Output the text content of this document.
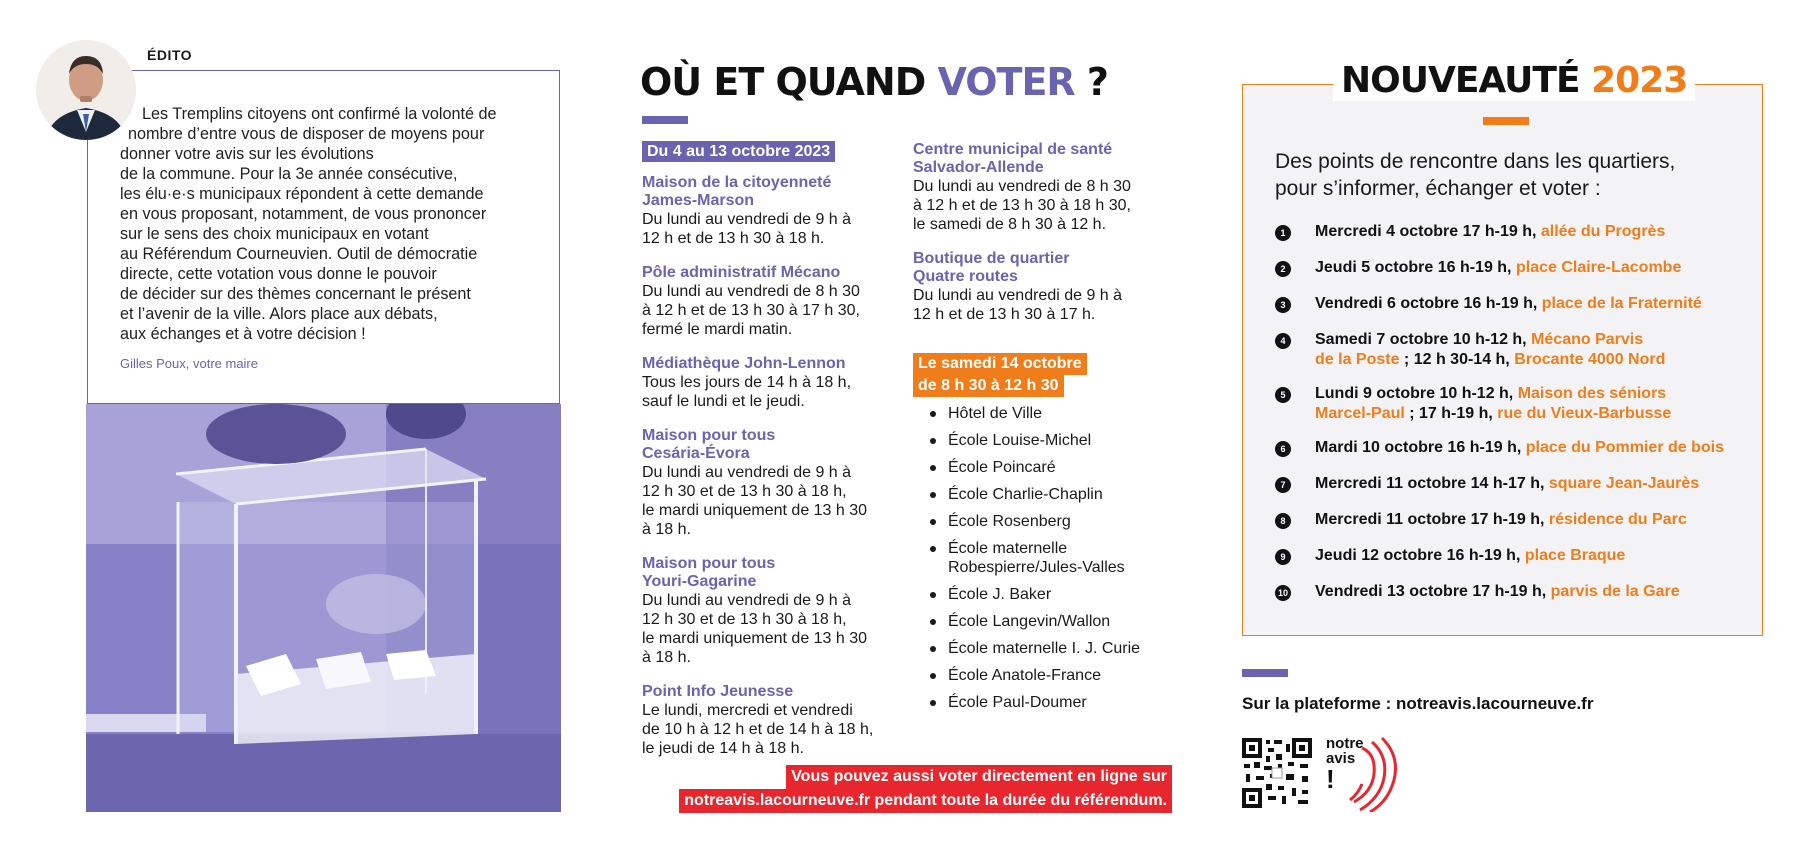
ÉDITO
Les Tremplins citoyens ont confirmé la volonté de
nombre d’entre vous de disposer de moyens pour
donner votre avis sur les évolutions
de la commune. Pour la 3e année consécutive,
les élu·e·s municipaux répondent à cette demande
en vous proposant, notamment, de vous prononcer
sur le sens des choix municipaux en votant
au Référendum Courneuvien. Outil de démocratie
directe, cette votation vous donne le pouvoir
de décider sur des thèmes concernant le présent
et l’avenir de la ville. Alors place aux débats,
aux échanges et à votre décision !
Gilles Poux, votre maire
OÙ ET QUAND VOTER ?
Du 4 au 13 octobre 2023
Maison de la citoyenneté
James-Marson
Du lundi au vendredi de 9 h à
12 h et de 13 h 30 à 18 h.
Pôle administratif Mécano
Du lundi au vendredi de 8 h 30
à 12 h et de 13 h 30 à 17 h 30,
fermé le mardi matin.
Médiathèque John-Lennon
Tous les jours de 14 h à 18 h,
sauf le lundi et le jeudi.
Maison pour tous
Cesária-Évora
Du lundi au vendredi de 9 h à
12 h 30 et de 13 h 30 à 18 h,
le mardi uniquement de 13 h 30
à 18 h.
Maison pour tous
Youri-Gagarine
Du lundi au vendredi de 9 h à
12 h 30 et de 13 h 30 à 18 h,
le mardi uniquement de 13 h 30
à 18 h.
Point Info Jeunesse
Le lundi, mercredi et vendredi
de 10 h à 12 h et de 14 h à 18 h,
le jeudi de 14 h à 18 h.
Centre municipal de santé
Salvador-Allende
Du lundi au vendredi de 8 h 30
à 12 h et de 13 h 30 à 18 h 30,
le samedi de 8 h 30 à 12 h.
Boutique de quartier
Quatre routes
Du lundi au vendredi de 9 h à
12 h et de 13 h 30 à 17 h.
Le samedi 14 octobre
de 8 h 30 à 12 h 30

Hôtel de Ville
École Louise-Michel
École Poincaré
École Charlie-Chaplin
École Rosenberg
École maternelle
Robespierre/Jules-Valles
École J. Baker
École Langevin/Wallon
École maternelle I. J. Curie
École Anatole-France
École Paul-Doumer
Vous pouvez aussi voter directement en ligne sur
notreavis.lacourneuve.fr pendant toute la durée du référendum.

NOUVEAUTÉ 2023
Des points de rencontre dans les quartiers,
pour s’informer, échanger et voter :
1	Mercredi 4 octobre 17 h-19 h, allée du Progrès
2	Jeudi 5 octobre 16 h-19 h, place Claire-Lacombe
3	Vendredi 6 octobre 16 h-19 h, place de la Fraternité
4	Samedi 7 octobre 10 h-12 h, Mécano Parvis
de la Poste ; 12 h 30-14 h, Brocante 4000 Nord
5	Lundi 9 octobre 10 h-12 h, Maison des séniors
Marcel-Paul ; 17 h-19 h, rue du Vieux-Barbusse
6	Mardi 10 octobre 16 h-19 h, place du Pommier de bois
7	Mercredi 11 octobre 14 h-17 h, square Jean-Jaurès
8	Mercredi 11 octobre 17 h-19 h, résidence du Parc
9	Jeudi 12 octobre 16 h-19 h, place Braque
10 Vendredi 13 octobre 17 h-19 h, parvis de la Gare
Sur la plateforme : notreavis.lacourneuve.fr
notre
avis
!
